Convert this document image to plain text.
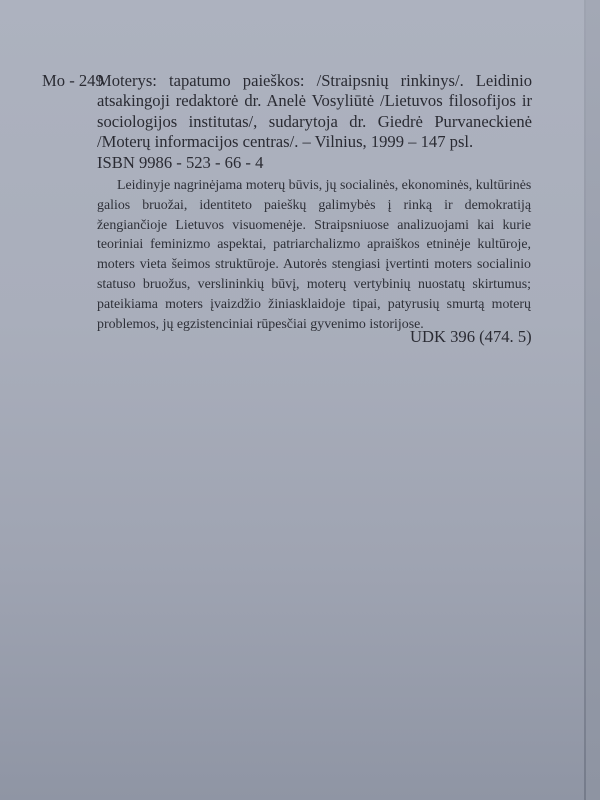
Mo - 249
Moterys: tapatumo paieškos: /Straipsnių rinkinys/. Leidinio
atsakingoji redaktorė dr. Anelė Vosyliūtė /Lietuvos filosofijos ir
sociologijos institutas/, sudarytoja dr. Giedrė Purvaneckienė
/Moterų informacijos centras/. – Vilnius, 1999 – 147 psl.
ISBN 9986 - 523 - 66 - 4
Leidinyje nagrinėjama moterų būvis, jų socialinės, ekonominės, kultūrinės
galios bruožai, identiteto paieškų galimybės į rinką ir demokratiją
žengiančioje Lietuvos visuomenėje. Straipsniuose analizuojami kai kurie
teoriniai feminizmo aspektai, patriarchalizmo apraiškos etninėje kultūroje,
moters vieta šeimos struktūroje. Autorės stengiasi įvertinti moters socialinio
statuso bruožus, verslininkių būvį, moterų vertybinių nuostatų skirtumus;
pateikiama moters įvaizdžio žiniasklaidoje tipai, patyrusių smurtą moterų
problemos, jų egzistenciniai rūpesčiai gyvenimo istorijose.
UDK 396 (474. 5)
